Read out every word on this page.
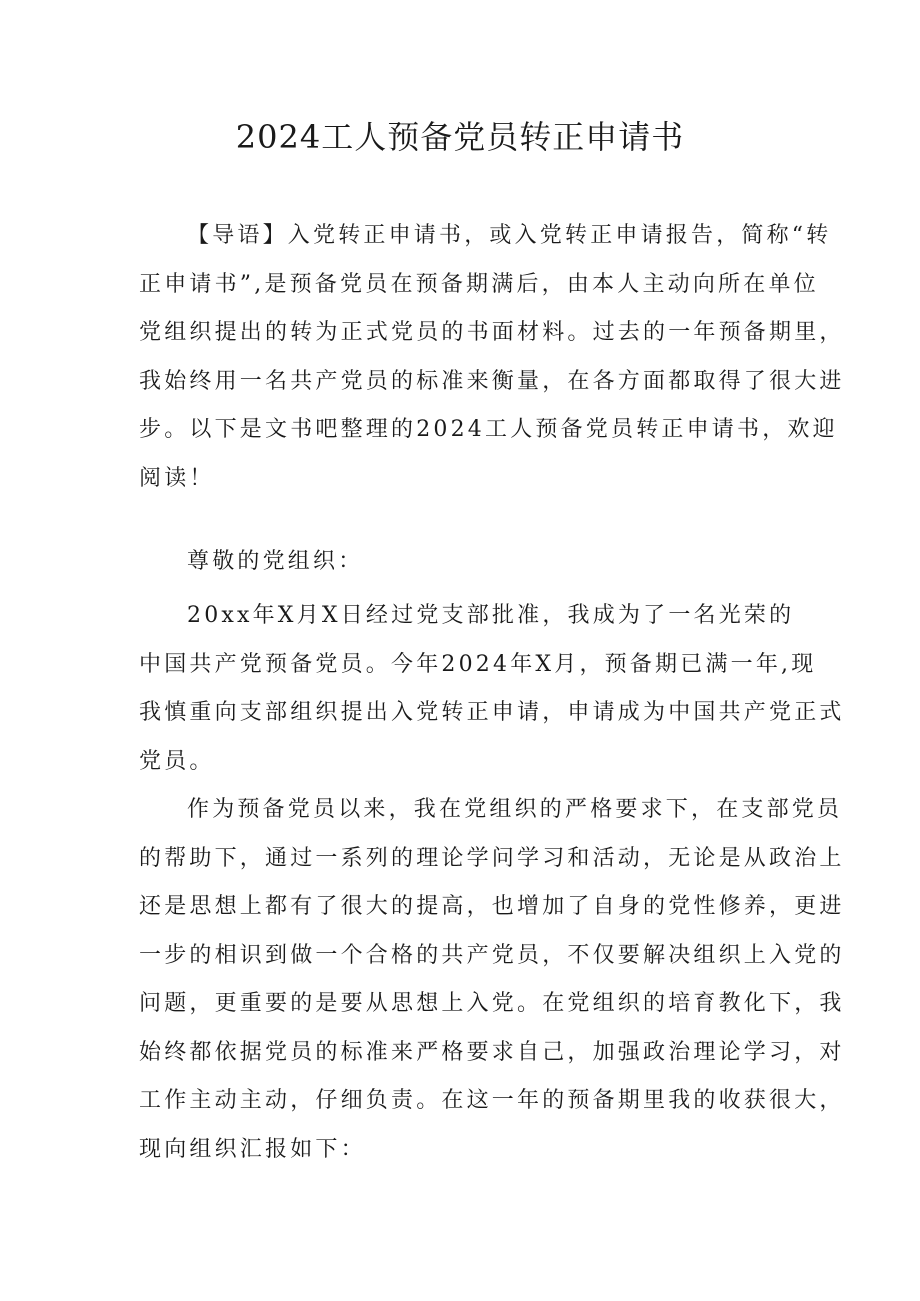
2024工人预备党员转正申请书
【导语】入党转正申请书，或入党转正申请报告，简称“转
正申请书”,是预备党员在预备期满后，由本人主动向所在单位
党组织提出的转为正式党员的书面材料。过去的一年预备期里，
我始终用一名共产党员的标准来衡量，在各方面都取得了很大进
步。以下是文书吧整理的2024工人预备党员转正申请书，欢迎
阅读！
尊敬的党组织：
20xx年X月X日经过党支部批准，我成为了一名光荣的
中国共产党预备党员。今年2024年X月，预备期已满一年,现
我慎重向支部组织提出入党转正申请，申请成为中国共产党正式
党员。
作为预备党员以来，我在党组织的严格要求下，在支部党员
的帮助下，通过一系列的理论学问学习和活动，无论是从政治上
还是思想上都有了很大的提高，也增加了自身的党性修养，更进
一步的相识到做一个合格的共产党员，不仅要解决组织上入党的
问题，更重要的是要从思想上入党。在党组织的培育教化下，我
始终都依据党员的标准来严格要求自己，加强政治理论学习，对
工作主动主动，仔细负责。在这一年的预备期里我的收获很大，
现向组织汇报如下：
